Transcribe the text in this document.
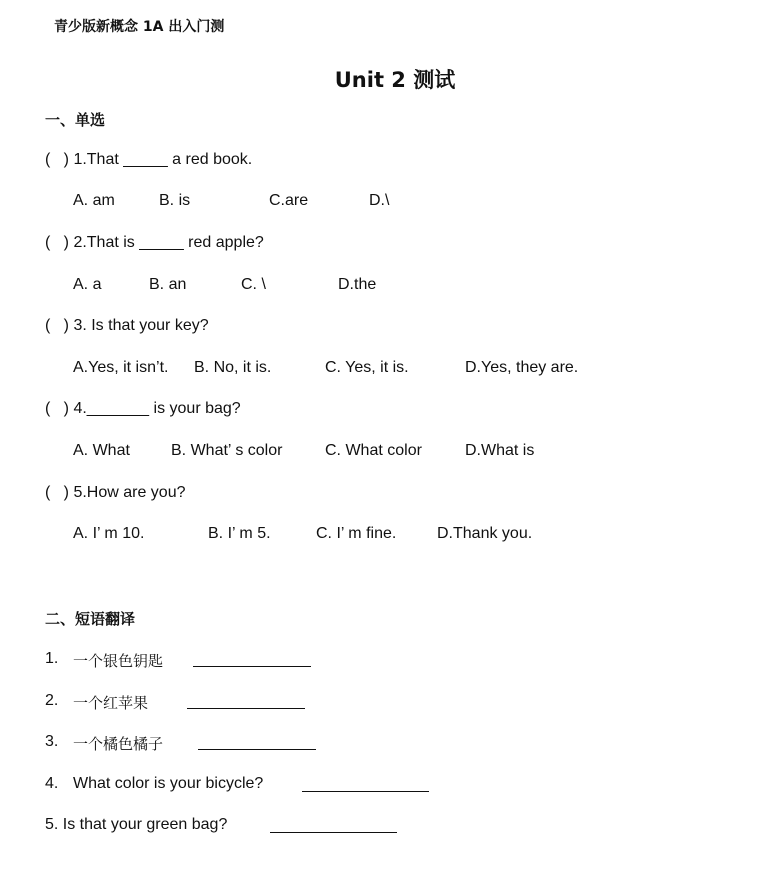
青少版新概念 1A 出入门测
Unit 2 测试
一、单选
(   ) 1.That _____ a red book.
A. am	B. is	C.are	D.\
(   ) 2.That is _____ red apple?
A. a	B. an	C. \	D.the
(   ) 3. Is that your key?
A.Yes, it isn’t. B. No, it is.	C. Yes, it is.	D.Yes, they are.
(   ) 4._______ is your bag?
A. What	B. What’ s color	C. What color	D.What is
(   ) 5.How are you?
A. I’ m 10.	B. I’ m 5.	C. I’ m fine.	D.Thank you.
二、短语翻译
1. 一个银色钥匙
2. 一个红苹果
3. 一个橘色橘子
4. What color is your bicycle?
5. Is that your green bag?
